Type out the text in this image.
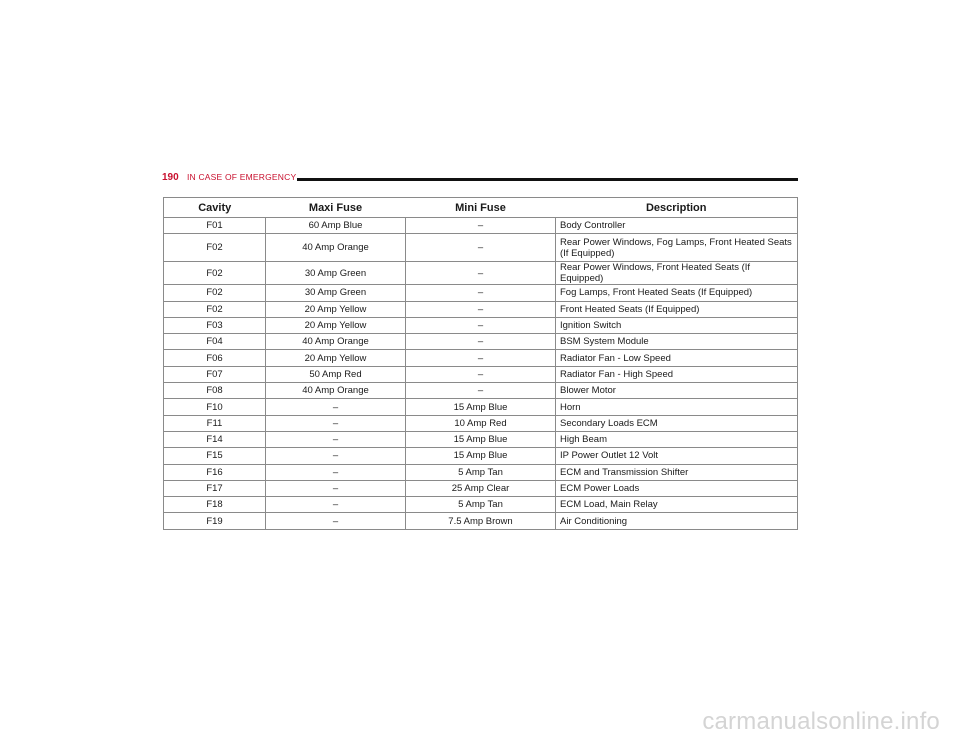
190 IN CASE OF EMERGENCY
Cavity	Maxi Fuse	Mini Fuse	Description
F01	60 Amp Blue	–	Body Controller
F02	40 Amp Orange	–	Rear Power Windows, Fog Lamps, Front Heated Seats (If Equipped)
F02	30 Amp Green	–	Rear Power Windows, Front Heated Seats (If Equipped)
F02	30 Amp Green	–	Fog Lamps, Front Heated Seats (If Equipped)
F02	20 Amp Yellow	–	Front Heated Seats (If Equipped)
F03	20 Amp Yellow	–	Ignition Switch
F04	40 Amp Orange	–	BSM System Module
F06	20 Amp Yellow	–	Radiator Fan - Low Speed
F07	50 Amp Red	–	Radiator Fan - High Speed
F08	40 Amp Orange	–	Blower Motor
F10	–	15 Amp Blue	Horn
F11	–	10 Amp Red	Secondary Loads ECM
F14	–	15 Amp Blue	High Beam
F15	–	15 Amp Blue	IP Power Outlet 12 Volt
F16	–	5 Amp Tan	ECM and Transmission Shifter
F17	–	25 Amp Clear	ECM Power Loads
F18	–	5 Amp Tan	ECM Load, Main Relay
F19	–	7.5 Amp Brown	Air Conditioning
carmanualsonline.info
